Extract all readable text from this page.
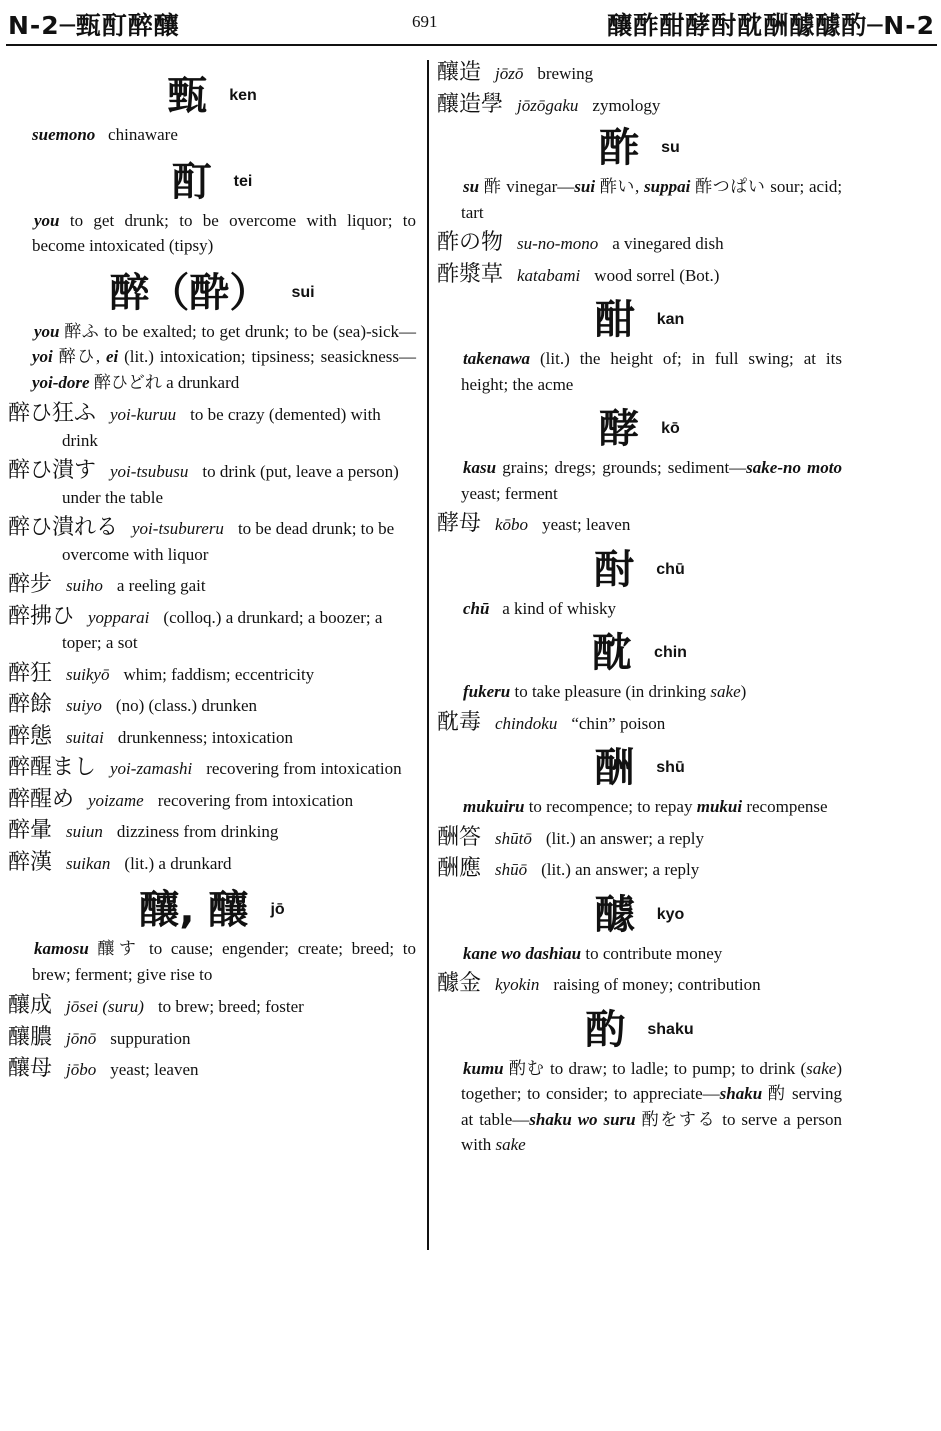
N-2─甄酊醉釀	691	釀酢酣酵酎酖酬醵醵酌─N-2
甄 ken
suemono chinaware
酊 tei
you to get drunk; to be overcome with liquor; to become intoxicated (tipsy)
醉（酔） sui
you 醉ふ to be exalted; to get drunk; to be (sea)-sick—yoi 醉ひ, ei (lit.) intoxication; tipsiness; seasickness—yoi-dore 醉ひどれ a drunkard
醉ひ狂ふ yoi-kuruu to be crazy (demented) with drink
醉ひ潰す yoi-tsubusu to drink (put, leave a person) under the table
醉ひ潰れる yoi-tsubureru to be dead drunk; to be overcome with liquor
醉步 suiho a reeling gait
醉拂ひ yopparai (colloq.) a drunkard; a boozer; a toper; a sot
醉狂 suikyō whim; faddism; eccentricity
醉餘 suiyo (no) (class.) drunken
醉態 suitai drunkenness; intoxication
醉醒まし yoi-zamashi recovering from intoxication
醉醒め yoizame recovering from intoxication
醉暈 suiun dizziness from drinking
醉漢 suikan (lit.) a drunkard
釀, 釀 jō
kamosu 釀す to cause; engender; create; breed; to brew; ferment; give rise to
釀成 jōsei (suru) to brew; breed; foster
釀膿 jōnō suppuration
釀母 jōbo yeast; leaven
釀造 jōzō brewing
釀造學 jōzōgaku zymology
酢 su
su 酢 vinegar—sui 酢い, suppai 酢つぱい sour; acid; tart
酢の物 su-no-mono a vinegared dish
酢漿草 katabami wood sorrel (Bot.)
酣 kan
takenawa (lit.) the height of; in full swing; at its height; the acme
酵 kō
kasu grains; dregs; grounds; sediment—sake-no moto yeast; ferment
酵母 kōbo yeast; leaven
酎 chū
chū a kind of whisky
酖 chin
fukeru to take pleasure (in drinking sake)
酖毒 chindoku “chin” poison
酬 shū
mukuiru to recompence; to repay mukui recompense
酬答 shūtō (lit.) an answer; a reply
酬應 shūō (lit.) an answer; a reply
醵 kyo
kane wo dashiau to contribute money
醵金 kyokin raising of money; contribution
酌 shaku
kumu 酌む to draw; to ladle; to pump; to drink (sake) together; to consider; to appreciate—shaku 酌 serving at table—shaku wo suru 酌をする to serve a person with sake
